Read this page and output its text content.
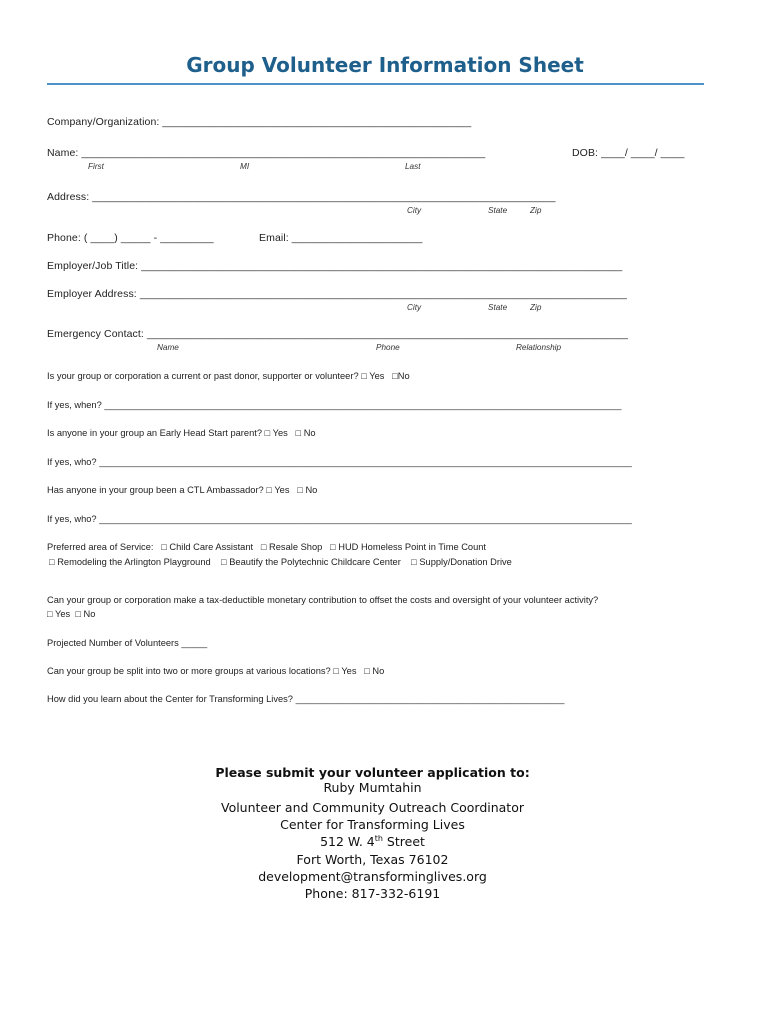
Group Volunteer Information Sheet
Company/Organization: ____________________________________________________
Name: ____________________________________________________________________	DOB: ____/ ____/ ____
First	MI	Last
Address: ______________________________________________________________________________
City	State	Zip
Phone: ( ____) _____ - _________	Email: ______________________
Employer/Job Title: _________________________________________________________________________________
Employer Address: __________________________________________________________________________________
City	State	Zip
Emergency Contact: _________________________________________________________________________________
Name	Phone	Relationship
Is your group or corporation a current or past donor, supporter or volunteer? □ Yes   □No
If yes, when? ____________________________________________________________________________________________________
Is anyone in your group an Early Head Start parent? □ Yes   □ No
If yes, who? _______________________________________________________________________________________________________
Has anyone in your group been a CTL Ambassador? □ Yes   □ No
If yes, who? _______________________________________________________________________________________________________
Preferred area of Service:   □ Child Care Assistant   □ Resale Shop   □ HUD Homeless Point in Time Count
□ Remodeling the Arlington Playground    □ Beautify the Polytechnic Childcare Center    □ Supply/Donation Drive
Can your group or corporation make a tax-deductible monetary contribution to offset the costs and oversight of your volunteer activity?
□ Yes  □ No
Projected Number of Volunteers _____
Can your group be split into two or more groups at various locations? □ Yes   □ No
How did you learn about the Center for Transforming Lives? ____________________________________________________
Please submit your volunteer application to:
Ruby Mumtahin
Volunteer and Community Outreach Coordinator
Center for Transforming Lives
512 W. 4th Street
Fort Worth, Texas 76102
development@transforminglives.org
Phone: 817-332-6191
